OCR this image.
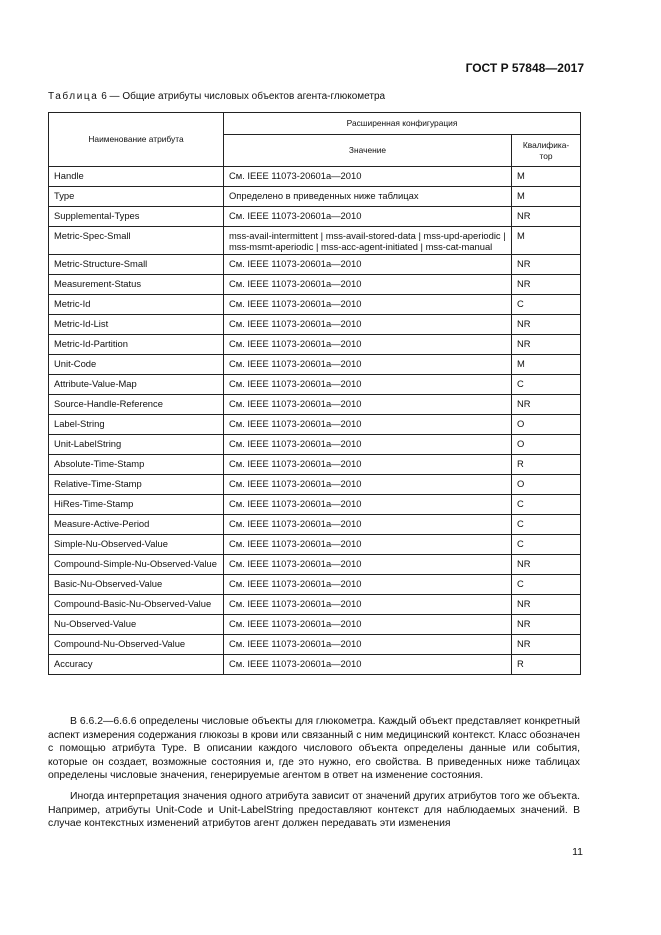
ГОСТ Р 57848—2017
Таблица 6 — Общие атрибуты числовых объектов агента-глюкометра
Наименование атрибута	Расширенная конфигурация	
	Значение	Квалифика-тор
Handle	См. IEEE 11073-20601a—2010	M
Type	Определено в приведенных ниже таблицах	M
Supplemental-Types	См. IEEE 11073-20601a—2010	NR
Metric-Spec-Small	mss-avail-intermittent | mss-avail-stored-data | mss-upd-aperiodic | mss-msmt-aperiodic | mss-acc-agent-initiated | mss-cat-manual	M
Metric-Structure-Small	См. IEEE 11073-20601a—2010	NR
Measurement-Status	См. IEEE 11073-20601a—2010	NR
Metric-Id	См. IEEE 11073-20601a—2010	C
Metric-Id-List	См. IEEE 11073-20601a—2010	NR
Metric-Id-Partition	См. IEEE 11073-20601a—2010	NR
Unit-Code	См. IEEE 11073-20601a—2010	M
Attribute-Value-Map	См. IEEE 11073-20601a—2010	C
Source-Handle-Reference	См. IEEE 11073-20601a—2010	NR
Label-String	См. IEEE 11073-20601a—2010	O
Unit-LabelString	См. IEEE 11073-20601a—2010	O
Absolute-Time-Stamp	См. IEEE 11073-20601a—2010	R
Relative-Time-Stamp	См. IEEE 11073-20601a—2010	O
HiRes-Time-Stamp	См. IEEE 11073-20601a—2010	C
Measure-Active-Period	См. IEEE 11073-20601a—2010	C
Simple-Nu-Observed-Value	См. IEEE 11073-20601a—2010	C
Compound-Simple-Nu-Observed-Value	См. IEEE 11073-20601a—2010	NR
Basic-Nu-Observed-Value	См. IEEE 11073-20601a—2010	C
Compound-Basic-Nu-Observed-Value	См. IEEE 11073-20601a—2010	NR
Nu-Observed-Value	См. IEEE 11073-20601a—2010	NR
Compound-Nu-Observed-Value	См. IEEE 11073-20601a—2010	NR
Accuracy	См. IEEE 11073-20601a—2010	R

В 6.6.2—6.6.6 определены числовые объекты для глюкометра. Каждый объект представляет конкретный аспект измерения содержания глюкозы в крови или связанный с ним медицинский контекст. Класс обозначен с помощью атрибута Type. В описании каждого числового объекта определены данные или события, которые он создает, возможные состояния и, где это нужно, его свойства. В приведенных ниже таблицах определены числовые значения, генерируемые агентом в ответ на изменение состояния.

Иногда интерпретация значения одного атрибута зависит от значений других атрибутов того же объекта. Например, атрибуты Unit-Code и Unit-LabelString предоставляют контекст для наблюдаемых значений. В случае контекстных изменений атрибутов агент должен передавать эти изменения

11
